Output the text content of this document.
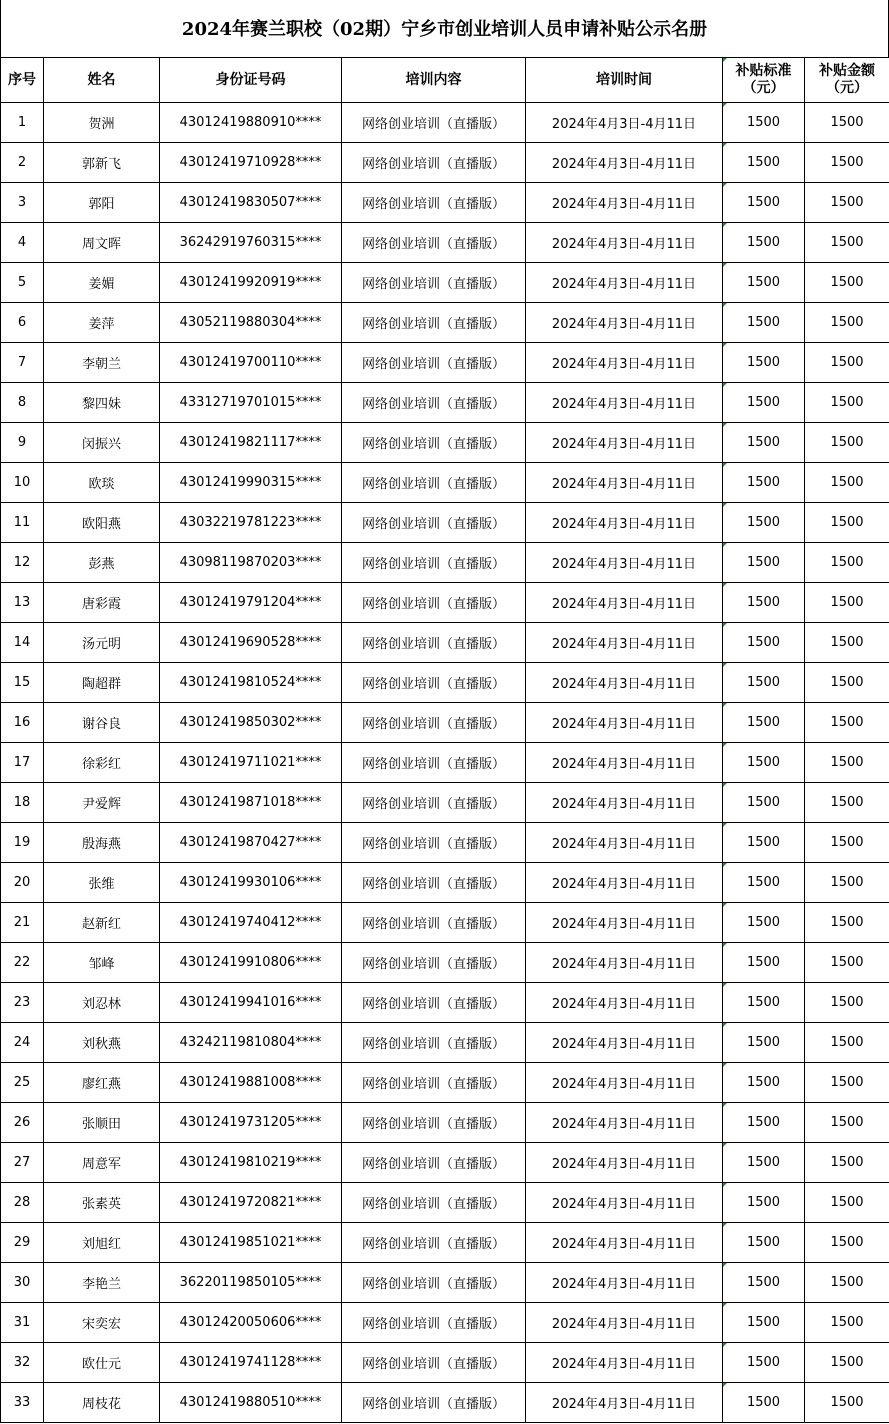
2024年赛兰职校（02期）宁乡市创业培训人员申请补贴公示名册
序号	姓名	身份证号码	培训内容	培训时间	补贴标准（元）	补贴金额（元）
1	贺洲	43012419880910****	网络创业培训（直播版）	2024年4月3日-4月11日	1500	1500
2	郭新飞	43012419710928****	网络创业培训（直播版）	2024年4月3日-4月11日	1500	1500
3	郭阳	43012419830507****	网络创业培训（直播版）	2024年4月3日-4月11日	1500	1500
4	周文晖	36242919760315****	网络创业培训（直播版）	2024年4月3日-4月11日	1500	1500
5	姜媚	43012419920919****	网络创业培训（直播版）	2024年4月3日-4月11日	1500	1500
6	姜萍	43052119880304****	网络创业培训（直播版）	2024年4月3日-4月11日	1500	1500
7	李朝兰	43012419700110****	网络创业培训（直播版）	2024年4月3日-4月11日	1500	1500
8	黎四妹	43312719701015****	网络创业培训（直播版）	2024年4月3日-4月11日	1500	1500
9	闵振兴	43012419821117****	网络创业培训（直播版）	2024年4月3日-4月11日	1500	1500
10	欧琰	43012419990315****	网络创业培训（直播版）	2024年4月3日-4月11日	1500	1500
11	欧阳燕	43032219781223****	网络创业培训（直播版）	2024年4月3日-4月11日	1500	1500
12	彭燕	43098119870203****	网络创业培训（直播版）	2024年4月3日-4月11日	1500	1500
13	唐彩霞	43012419791204****	网络创业培训（直播版）	2024年4月3日-4月11日	1500	1500
14	汤元明	43012419690528****	网络创业培训（直播版）	2024年4月3日-4月11日	1500	1500
15	陶超群	43012419810524****	网络创业培训（直播版）	2024年4月3日-4月11日	1500	1500
16	谢谷良	43012419850302****	网络创业培训（直播版）	2024年4月3日-4月11日	1500	1500
17	徐彩红	43012419711021****	网络创业培训（直播版）	2024年4月3日-4月11日	1500	1500
18	尹爱辉	43012419871018****	网络创业培训（直播版）	2024年4月3日-4月11日	1500	1500
19	殷海燕	43012419870427****	网络创业培训（直播版）	2024年4月3日-4月11日	1500	1500
20	张维	43012419930106****	网络创业培训（直播版）	2024年4月3日-4月11日	1500	1500
21	赵新红	43012419740412****	网络创业培训（直播版）	2024年4月3日-4月11日	1500	1500
22	邹峰	43012419910806****	网络创业培训（直播版）	2024年4月3日-4月11日	1500	1500
23	刘忍林	43012419941016****	网络创业培训（直播版）	2024年4月3日-4月11日	1500	1500
24	刘秋燕	43242119810804****	网络创业培训（直播版）	2024年4月3日-4月11日	1500	1500
25	廖红燕	43012419881008****	网络创业培训（直播版）	2024年4月3日-4月11日	1500	1500
26	张顺田	43012419731205****	网络创业培训（直播版）	2024年4月3日-4月11日	1500	1500
27	周意军	43012419810219****	网络创业培训（直播版）	2024年4月3日-4月11日	1500	1500
28	张素英	43012419720821****	网络创业培训（直播版）	2024年4月3日-4月11日	1500	1500
29	刘旭红	43012419851021****	网络创业培训（直播版）	2024年4月3日-4月11日	1500	1500
30	李艳兰	36220119850105****	网络创业培训（直播版）	2024年4月3日-4月11日	1500	1500
31	宋奕宏	43012420050606****	网络创业培训（直播版）	2024年4月3日-4月11日	1500	1500
32	欧仕元	43012419741128****	网络创业培训（直播版）	2024年4月3日-4月11日	1500	1500
33	周枝花	43012419880510****	网络创业培训（直播版）	2024年4月3日-4月11日	1500	1500
